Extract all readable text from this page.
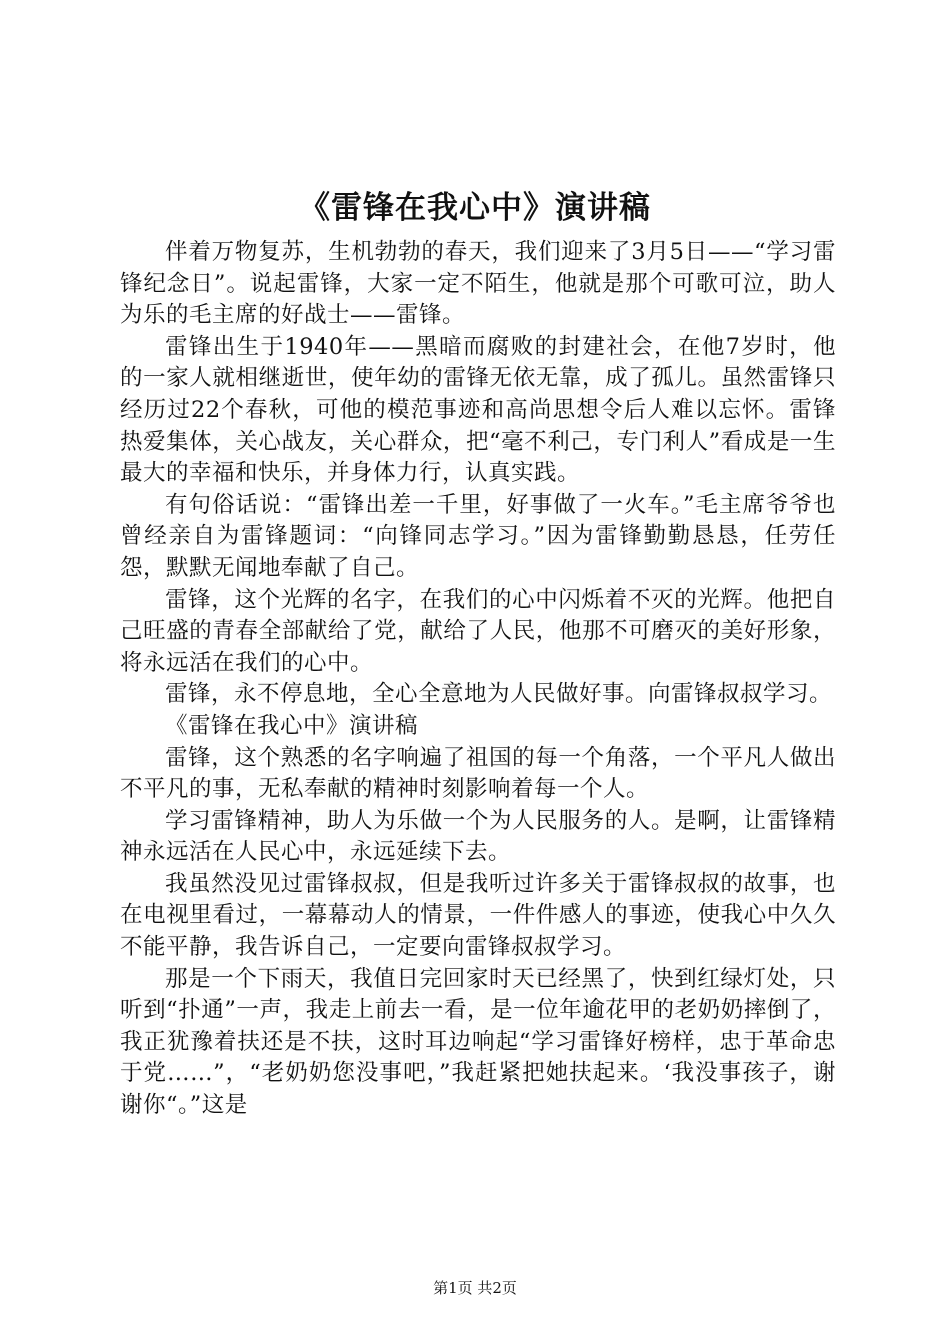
《雷锋在我心中》演讲稿

伴着万物复苏，生机勃勃的春天，我们迎来了3月5日——“学习雷锋纪念日”。说起雷锋，大家一定不陌生，他就是那个可歌可泣，助人为乐的毛主席的好战士——雷锋。

雷锋出生于1940年——黑暗而腐败的封建社会，在他7岁时，他的一家人就相继逝世，使年幼的雷锋无依无靠，成了孤儿。虽然雷锋只经历过22个春秋，可他的模范事迹和高尚思想令后人难以忘怀。雷锋热爱集体，关心战友，关心群众，把“毫不利己，专门利人”看成是一生最大的幸福和快乐，并身体力行，认真实践。

有句俗话说：“雷锋出差一千里，好事做了一火车。”毛主席爷爷也曾经亲自为雷锋题词：“向锋同志学习。”因为雷锋勤勤恳恳，任劳任怨，默默无闻地奉献了自己。

雷锋，这个光辉的名字，在我们的心中闪烁着不灭的光辉。他把自己旺盛的青春全部献给了党，献给了人民，他那不可磨灭的美好形象，将永远活在我们的心中。

雷锋，永不停息地，全心全意地为人民做好事。向雷锋叔叔学习。

《雷锋在我心中》演讲稿

雷锋，这个熟悉的名字响遍了祖国的每一个角落，一个平凡人做出不平凡的事，无私奉献的精神时刻影响着每一个人。

学习雷锋精神，助人为乐做一个为人民服务的人。是啊，让雷锋精神永远活在人民心中，永远延续下去。

我虽然没见过雷锋叔叔，但是我听过许多关于雷锋叔叔的故事，也在电视里看过，一幕幕动人的情景，一件件感人的事迹，使我心中久久不能平静，我告诉自己，一定要向雷锋叔叔学习。

那是一个下雨天，我值日完回家时天已经黑了，快到红绿灯处，只听到“扑通”一声，我走上前去一看，是一位年逾花甲的老奶奶摔倒了，我正犹豫着扶还是不扶，这时耳边响起“学习雷锋好榜样，忠于革命忠于党……”，“老奶奶您没事吧，”我赶紧把她扶起来。‘我没事孩子，谢谢你“。”这是

第1页 共2页
